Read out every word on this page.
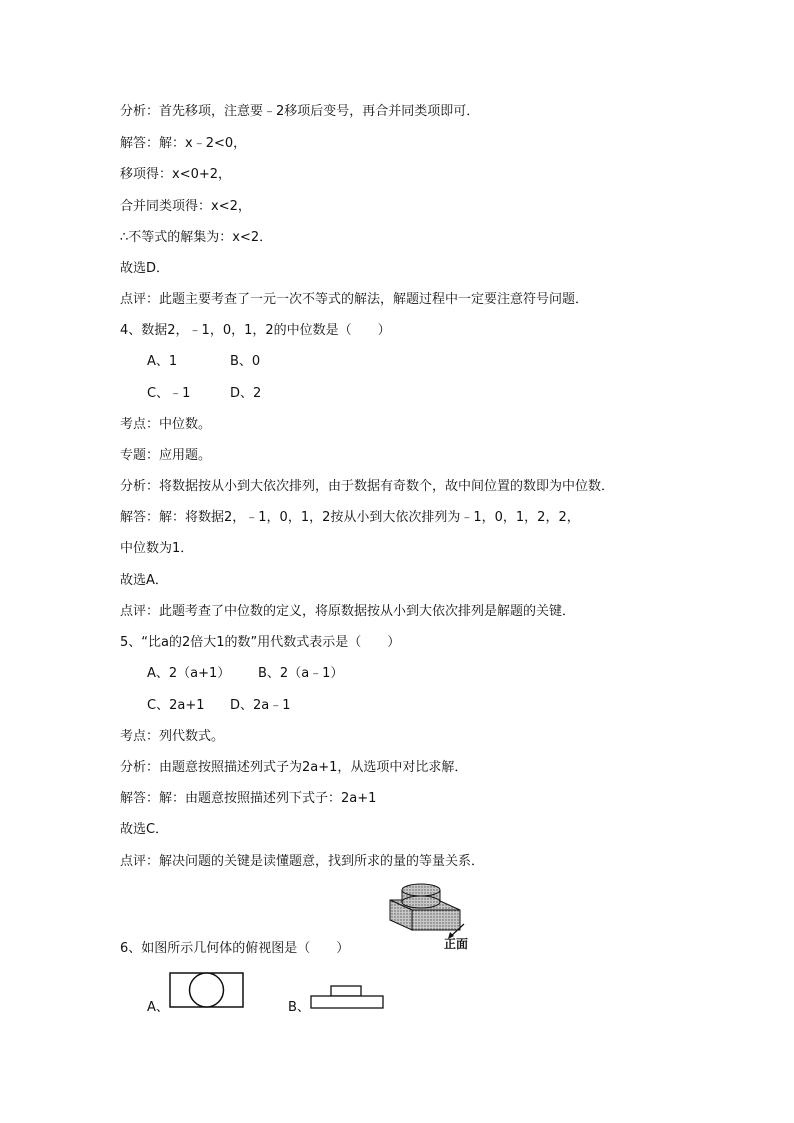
分析：首先移项，注意要﹣2移项后变号，再合并同类项即可．
解答：解：x﹣2<0，
移项得：x<0+2，
合并同类项得：x<2，
∴不等式的解集为：x<2．
故选D．
点评：此题主要考查了一元一次不等式的解法，解题过程中一定要注意符号问题．
4、数据2，﹣1，0，1，2的中位数是（　　）
A、1	B、0
C、﹣1	D、2
考点：中位数。
专题：应用题。
分析：将数据按从小到大依次排列，由于数据有奇数个，故中间位置的数即为中位数．
解答：解：将数据2，﹣1，0，1，2按从小到大依次排列为﹣1，0，1，2，2，
中位数为1．
故选A．
点评：此题考查了中位数的定义，将原数据按从小到大依次排列是解题的关键．
5、“比a的2倍大1的数”用代数式表示是（　　）
A、2（a+1） B、2（a﹣1）
C、2a+1 D、2a﹣1
考点：列代数式。
分析：由题意按照描述列式子为2a+1，从选项中对比求解．
解答：解：由题意按照描述列下式子：2a+1
故选C．
点评：解决问题的关键是读懂题意，找到所求的量的等量关系．
正面
6、如图所示几何体的俯视图是（　　）
A、	B、
